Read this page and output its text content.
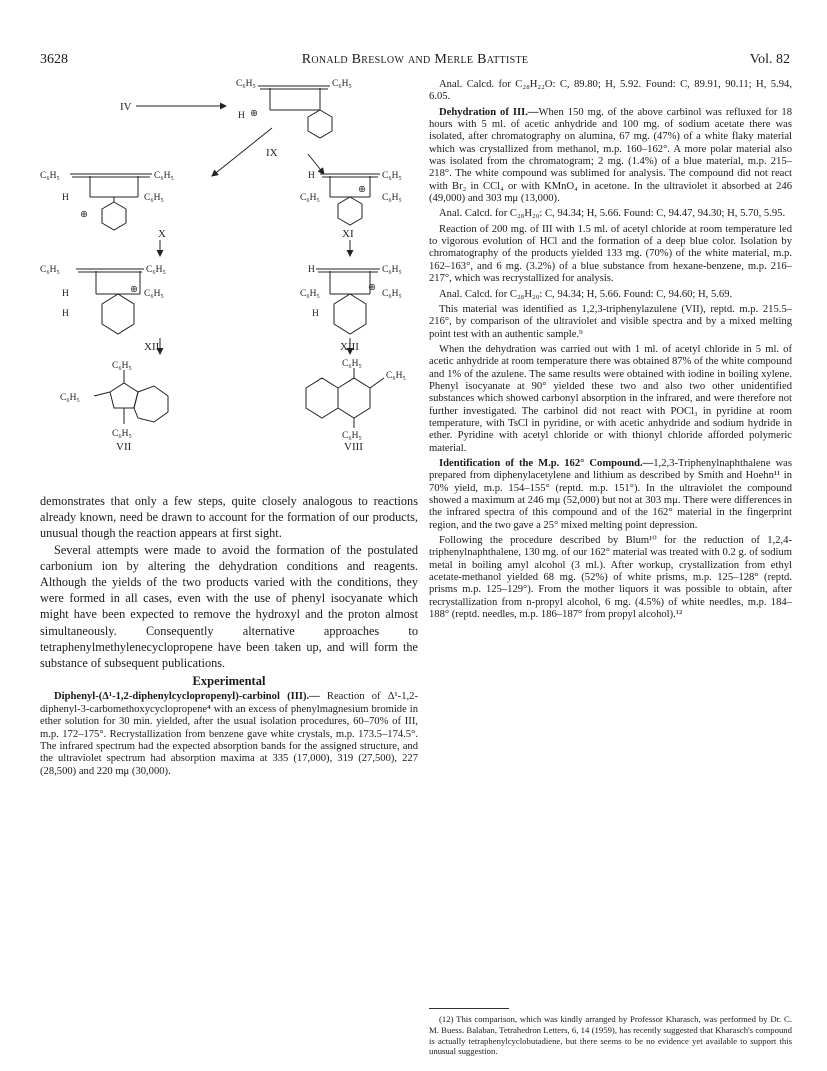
3628	Ronald Breslow and Merle Battiste	Vol. 82
C₆H₅	C₆H₅
H ⊕
IV
IX
C₆H₅	C₆H₅
H	C₆H₅
⊕
X
H	C₆H₅
C₆H₅	C₆H₅
⊕
XI
C₆H₅	C₆H₅
H	C₆H₅
H
⊕
XII
H	C₆H₅
C₆H₅	C₆H₅
⊕
H
XIII
C₆H₅
C₆H₅
C₆H₅
VII
C₆H₅
C₆H₅
C₆H₅
VIII

demonstrates that only a few steps, quite closely analogous to reactions already known, need be drawn to account for the formation of our products, unusual though the reaction appears at first sight.

Several attempts were made to avoid the formation of the postulated carbonium ion by altering the dehydration conditions and reagents. Although the yields of the two products varied with the conditions, they were formed in all cases, even with the use of phenyl isocyanate which might have been expected to remove the hydroxyl and the proton almost simultaneously. Consequently alternative approaches to tetraphenylmethylenecyclopropene have been taken up, and will form the substance of subsequent publications.

Experimental

Diphenyl-(Δ¹-1,2-diphenylcyclopropenyl)-carbinol (III).— Reaction of Δ¹-1,2-diphenyl-3-carbomethoxycyclopropene⁴ with an excess of phenylmagnesium bromide in ether solution for 30 min. yielded, after the usual isolation procedures, 60–70% of III, m.p. 172–175°. Recrystallization from benzene gave white crystals, m.p. 173.5–174.5°. The infrared spectrum had the expected absorption bands for the assigned structure, and the ultraviolet spectrum had absorption maxima at 335 (17,000), 319 (27,500), 227 (28,500) and 220 mμ (30,000).

Anal. Calcd. for C₂₈H₂₂O: C, 89.80; H, 5.92. Found: C, 89.91, 90.11; H, 5.94, 6.05.

Dehydration of III.—When 150 mg. of the above carbinol was refluxed for 18 hours with 5 ml. of acetic anhydride and 100 mg. of sodium acetate there was isolated, after chromatography on alumina, 67 mg. (47%) of a white flaky material which was crystallized from methanol, m.p. 160–162°. A more polar material also was isolated from the chromatogram; 2 mg. (1.4%) of a blue material, m.p. 215–218°. The white compound was sublimed for analysis. The compound did not react with Br₂ in CCl₄ or with KMnO₄ in acetone. In the ultraviolet it absorbed at 246 (49,000) and 303 mμ (13,000).

Anal. Calcd. for C₂₈H₂₀: C, 94.34; H, 5.66. Found: C, 94.47, 94.30; H, 5.70, 5.95.

Reaction of 200 mg. of III with 1.5 ml. of acetyl chloride at room temperature led to vigorous evolution of HCl and the formation of a deep blue color. Isolation by chromatography of the products yielded 133 mg. (70%) of the white material, m.p. 162–163°, and 6 mg. (3.2%) of a blue substance from hexane-benzene, m.p. 216–217°, which was recrystallized for analysis.

Anal. Calcd. for C₂₈H₂₀: C, 94.34; H, 5.66. Found: C, 94.60; H, 5.69.

This material was identified as 1,2,3-triphenylazulene (VII), reptd. m.p. 215.5–216°, by comparison of the ultraviolet and visible spectra and by a mixed melting point test with an authentic sample.⁹

When the dehydration was carried out with 1 ml. of acetyl chloride in 5 ml. of acetic anhydride at room temperature there was obtained 87% of the white compound and 1% of the azulene. The same results were obtained with iodine in boiling xylene. Phenyl isocyanate at 90° yielded these two and also two other unidentified substances which showed carbonyl absorption in the infrared, and were therefore not further investigated. The carbinol did not react with POCl₃ in pyridine at room temperature, with TsCl in pyridine, or with acetic anhydride and sodium hydride in ether. Pyridine with acetyl chloride or with thionyl chloride afforded polymeric material.

Identification of the M.p. 162° Compound.—1,2,3-Triphenylnaphthalene was prepared from diphenylacetylene and lithium as described by Smith and Hoehn¹¹ in 70% yield, m.p. 154–155° (reptd. m.p. 151°). In the ultraviolet the compound showed a maximum at 246 mμ (52,000) but not at 303 mμ. There were differences in the infrared spectra of this compound and of the 162° material in the fingerprint region, and the two gave a 25° mixed melting point depression.

Following the procedure described by Blum¹⁰ for the reduction of 1,2,4-triphenylnaphthalene, 130 mg. of our 162° material was treated with 0.2 g. of sodium metal in boiling amyl alcohol (3 ml.). After workup, crystallization from ethyl acetate-methanol yielded 68 mg. (52%) of white prisms, m.p. 125–128° (reptd. prisms m.p. 125–129°). From the mother liquors it was possible to obtain, after recrystallization from n-propyl alcohol, 6 mg. (4.5%) of white needles, m.p. 184–188° (reptd. needles, m.p. 186–187° from propyl alcohol).¹²

(12) This comparison, which was kindly arranged by Professor Kharasch, was performed by Dr. C. M. Buess. Balaban, Tetrahedron Letters, 6, 14 (1959), has recently suggested that Kharasch's compound is actually tetraphenylcyclobutadiene, but there seems to be no evidence yet available to support this unusual suggestion.
